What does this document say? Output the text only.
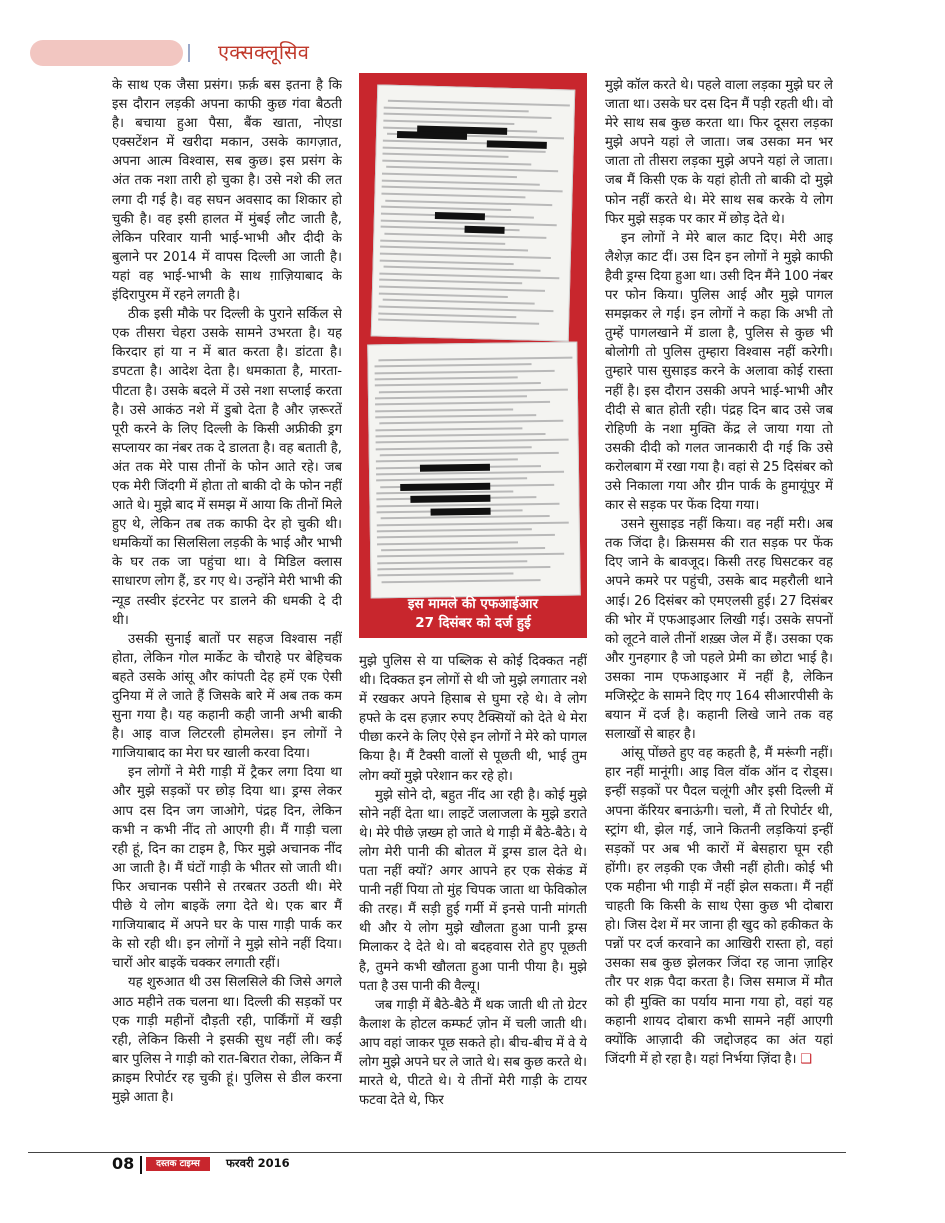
एक्सक्लूसिव

के साथ एक जैसा प्रसंग। फ़र्क़ बस इतना है कि इस दौरान लड़की अपना काफी कुछ गंवा बैठती है। बचाया हुआ पैसा, बैंक खाता, नोएडा एक्सटेंशन में खरीदा मकान, उसके कागज़ात, अपना आत्म विश्वास, सब कुछ। इस प्रसंग के अंत तक नशा तारी हो चुका है। उसे नशे की लत लगा दी गई है। वह सघन अवसाद का शिकार हो चुकी है। वह इसी हालत में मुंबई लौट जाती है, लेकिन परिवार यानी भाई-भाभी और दीदी के बुलाने पर 2014 में वापस दिल्ली आ जाती है। यहां वह भाई-भाभी के साथ ग़ाज़ियाबाद के इंदिरापुरम में रहने लगती है।

ठीक इसी मौके पर दिल्ली के पुराने सर्किल से एक तीसरा चेहरा उसके सामने उभरता है। यह किरदार हां या न में बात करता है। डांटता है। डपटता है। आदेश देता है। धमकाता है, मारता-पीटता है। उसके बदले में उसे नशा सप्लाई करता है। उसे आकंठ नशे में डुबो देता है और ज़रूरतें पूरी करने के लिए दिल्ली के किसी अफ्रीकी ड्रग सप्लायर का नंबर तक दे डालता है। वह बताती है, अंत तक मेरे पास तीनों के फोन आते रहे। जब एक मेरी जिंदगी में होता तो बाकी दो के फोन नहीं आते थे। मुझे बाद में समझ में आया कि तीनों मिले हुए थे, लेकिन तब तक काफी देर हो चुकी थी। धमकियों का सिलसिला लड़की के भाई और भाभी के घर तक जा पहुंचा था। वे मिडिल क्लास साधारण लोग हैं, डर गए थे। उन्होंने मेरी भाभी की न्यूड तस्वीर इंटरनेट पर डालने की धमकी दे दी थी।

उसकी सुनाई बातों पर सहज विश्वास नहीं होता, लेकिन गोल मार्केट के चौराहे पर बेहिचक बहते उसके आंसू और कांपती देह हमें एक ऐसी दुनिया में ले जाते हैं जिसके बारे में अब तक कम सुना गया है। यह कहानी कही जानी अभी बाकी है। आइ वाज लिटरली होमलेस। इन लोगों ने गाजियाबाद का मेरा घर खाली करवा दिया।

इन लोगों ने मेरी गाड़ी में ट्रैकर लगा दिया था और मुझे सड़कों पर छोड़ दिया था। ड्रग्स लेकर आप दस दिन जग जाओगे, पंद्रह दिन, लेकिन कभी न कभी नींद तो आएगी ही। मैं गाड़ी चला रही हूं, दिन का टाइम है, फिर मुझे अचानक नींद आ जाती है। मैं घंटों गाड़ी के भीतर सो जाती थी। फिर अचानक पसीने से तरबतर उठती थी। मेरे पीछे ये लोग बाइकें लगा देते थे। एक बार मैं गाजियाबाद में अपने घर के पास गाड़ी पार्क कर के सो रही थी। इन लोगों ने मुझे सोने नहीं दिया। चारों ओर बाइकें चक्कर लगाती रहीं।

यह शुरुआत थी उस सिलसिले की जिसे अगले आठ महीने तक चलना था। दिल्ली की सड़कों पर एक गाड़ी महीनों दौड़ती रही, पार्किंगों में खड़ी रही, लेकिन किसी ने इसकी सुध नहीं ली। कई बार पुलिस ने गाड़ी को रात-बिरात रोका, लेकिन मैं क्राइम रिपोर्टर रह चुकी हूं। पुलिस से डील करना मुझे आता है।

इस मामले की एफआईआर
27 दिसंबर को दर्ज हुई

मुझे पुलिस से या पब्लिक से कोई दिक्कत नहीं थी। दिक्कत इन लोगों से थी जो मुझे लगातार नशे में रखकर अपने हिसाब से घुमा रहे थे। वे लोग हफ्ते के दस हज़ार रुपए टैक्सियों को देते थे मेरा पीछा करने के लिए ऐसे इन लोगों ने मेरे को पागल किया है। मैं टैक्सी वालों से पूछती थी, भाई तुम लोग क्यों मुझे परेशान कर रहे हो।

मुझे सोने दो, बहुत नींद आ रही है। कोई मुझे सोने नहीं देता था। लाइटें जलाजला के मुझे डराते थे। मेरे पीछे ज़ख्म हो जाते थे गाड़ी में बैठे-बैठे। ये लोग मेरी पानी की बोतल में ड्रग्स डाल देते थे। पता नहीं क्यों? अगर आपने हर एक सेकंड में पानी नहीं पिया तो मुंह चिपक जाता था फेविकोल की तरह। मैं सड़ी हुई गर्मी में इनसे पानी मांगती थी और ये लोग मुझे खौलता हुआ पानी ड्रग्स मिलाकर दे देते थे। वो बदहवास रोते हुए पूछती है, तुमने कभी खौलता हुआ पानी पीया है। मुझे पता है उस पानी की वैल्यू।

जब गाड़ी में बैठे-बैठे मैं थक जाती थी तो ग्रेटर कैलाश के होटल कम्फर्ट ज़ोन में चली जाती थी। आप वहां जाकर पूछ सकते हो। बीच-बीच में वे ये लोग मुझे अपने घर ले जाते थे। सब कुछ करते थे। मारते थे, पीटते थे। ये तीनों मेरी गाड़ी के टायर फटवा देते थे, फिर

मुझे कॉल करते थे। पहले वाला लड़का मुझे घर ले जाता था। उसके घर दस दिन मैं पड़ी रहती थी। वो मेरे साथ सब कुछ करता था। फिर दूसरा लड़का मुझे अपने यहां ले जाता। जब उसका मन भर जाता तो तीसरा लड़का मुझे अपने यहां ले जाता। जब मैं किसी एक के यहां होती तो बाकी दो मुझे फोन नहीं करते थे। मेरे साथ सब करके ये लोग फिर मुझे सड़क पर कार में छोड़ देते थे।

इन लोगों ने मेरे बाल काट दिए। मेरी आइ लैशेज़ काट दीं। उस दिन इन लोगों ने मुझे काफी हैवी ड्रग्स दिया हुआ था। उसी दिन मैंने 100 नंबर पर फोन किया। पुलिस आई और मुझे पागल समझकर ले गई। इन लोगों ने कहा कि अभी तो तुम्हें पागलखाने में डाला है, पुलिस से कुछ भी बोलोगी तो पुलिस तुम्हारा विश्वास नहीं करेगी। तुम्हारे पास सुसाइड करने के अलावा कोई रास्ता नहीं है। इस दौरान उसकी अपने भाई-भाभी और दीदी से बात होती रही। पंद्रह दिन बाद उसे जब रोहिणी के नशा मुक्ति केंद्र ले जाया गया तो उसकी दीदी को गलत जानकारी दी गई कि उसे करोलबाग में रखा गया है। वहां से 25 दिसंबर को उसे निकाला गया और ग्रीन पार्क के हुमायूंपुर में कार से सड़क पर फेंक दिया गया।

उसने सुसाइड नहीं किया। वह नहीं मरी। अब तक जिंदा है। क्रिसमस की रात सड़क पर फेंक दिए जाने के बावजूद। किसी तरह घिसटकर वह अपने कमरे पर पहुंची, उसके बाद महरौली थाने आई। 26 दिसंबर को एमएलसी हुई। 27 दिसंबर की भोर में एफआइआर लिखी गई। उसके सपनों को लूटने वाले तीनों शख़्स जेल में हैं। उसका एक और गुनहगार है जो पहले प्रेमी का छोटा भाई है। उसका नाम एफआइआर में नहीं है, लेकिन मजिस्ट्रेट के सामने दिए गए 164 सीआरपीसी के बयान में दर्ज है। कहानी लिखे जाने तक वह सलाखों से बाहर है।

आंसू पोंछते हुए वह कहती है, मैं मरूंगी नहीं। हार नहीं मानूंगी। आइ विल वॉक ऑन द रोड्स। इन्हीं सड़कों पर पैदल चलूंगी और इसी दिल्ली में अपना कॅरियर बनाऊंगी। चलो, मैं तो रिपोर्टर थी, स्ट्रांग थी, झेल गई, जाने कितनी लड़कियां इन्हीं सड़कों पर अब भी कारों में बेसहारा घूम रही होंगी। हर लड़की एक जैसी नहीं होती। कोई भी एक महीना भी गाड़ी में नहीं झेल सकता। मैं नहीं चाहती कि किसी के साथ ऐसा कुछ भी दोबारा हो। जिस देश में मर जाना ही खुद को हकीकत के पन्नों पर दर्ज करवाने का आखिरी रास्ता हो, वहां उसका सब कुछ झेलकर जिंदा रह जाना ज़ाहिर तौर पर शक़ पैदा करता है। जिस समाज में मौत को ही मुक्ति का पर्याय माना गया हो, वहां यह कहानी शायद दोबारा कभी सामने नहीं आएगी क्योंकि आज़ादी की जद्दोजहद का अंत यहां जिंदगी में हो रहा है। यहां निर्भया ज़िंदा है। ❑

08	दस्तक टाइम्स	फरवरी 2016
